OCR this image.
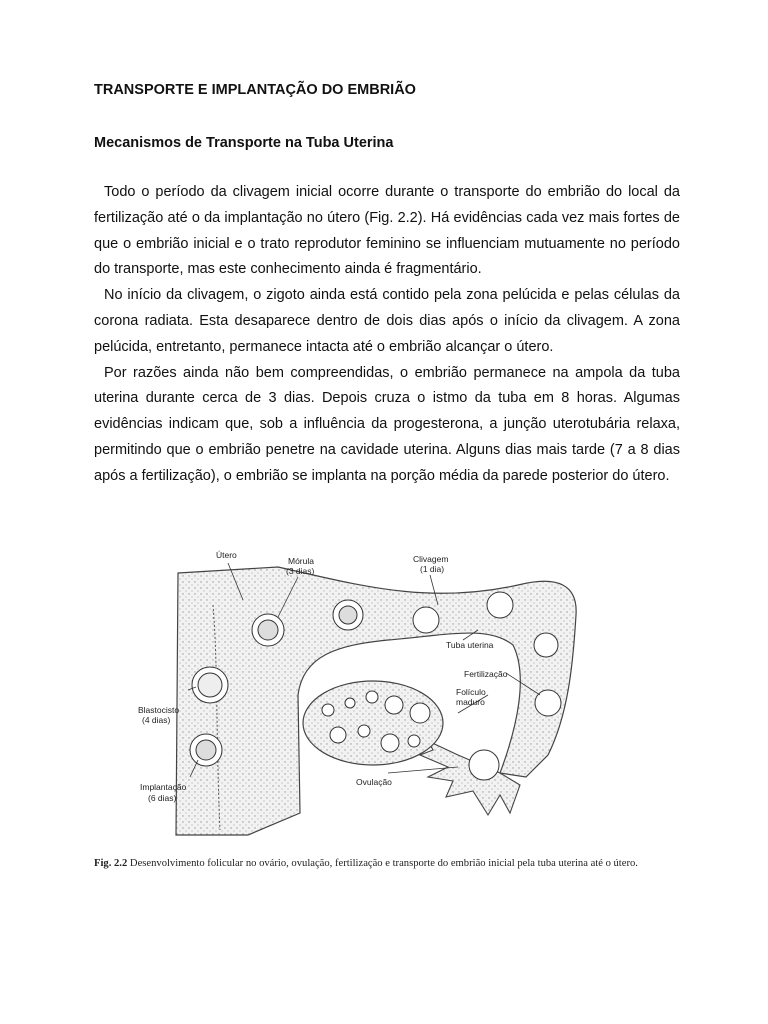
TRANSPORTE E IMPLANTAÇÃO DO EMBRIÃO
Mecanismos de Transporte na Tuba Uterina

Todo o período da clivagem inicial ocorre durante o transporte do embrião do local da fertilização até o da implantação no útero (Fig. 2.2). Há evidências cada vez mais fortes de que o embrião inicial e o trato reprodutor feminino se influenciam mutuamente no período do transporte, mas este conhecimento ainda é fragmentário.

No início da clivagem, o zigoto ainda está contido pela zona pelúcida e pelas células da corona radiata. Esta desaparece dentro de dois dias após o início da clivagem. A zona pelúcida, entretanto, permanece intacta até o embrião alcançar o útero.

Por razões ainda não bem compreendidas, o embrião permanece na ampola da tuba uterina durante cerca de 3 dias. Depois cruza o istmo da tuba em 8 horas. Algumas evidências indicam que, sob a influência da progesterona, a junção uterotubária relaxa, permitindo que o embrião penetre na cavidade uterina. Alguns dias mais tarde (7 a 8 dias após a fertilização), o embrião se implanta na porção média da parede posterior do útero.

Útero
Mórula
(3 dias)
Clivagem
(1 dia)
Tuba uterina
Fertilização
Folículo
maduro
Blastocisto
(4 dias)
Ovulação
Implantação
(6 dias)

Fig. 2.2 Desenvolvimento folicular no ovário, ovulação, fertilização e transporte do embrião inicial pela tuba uterina até o útero.
